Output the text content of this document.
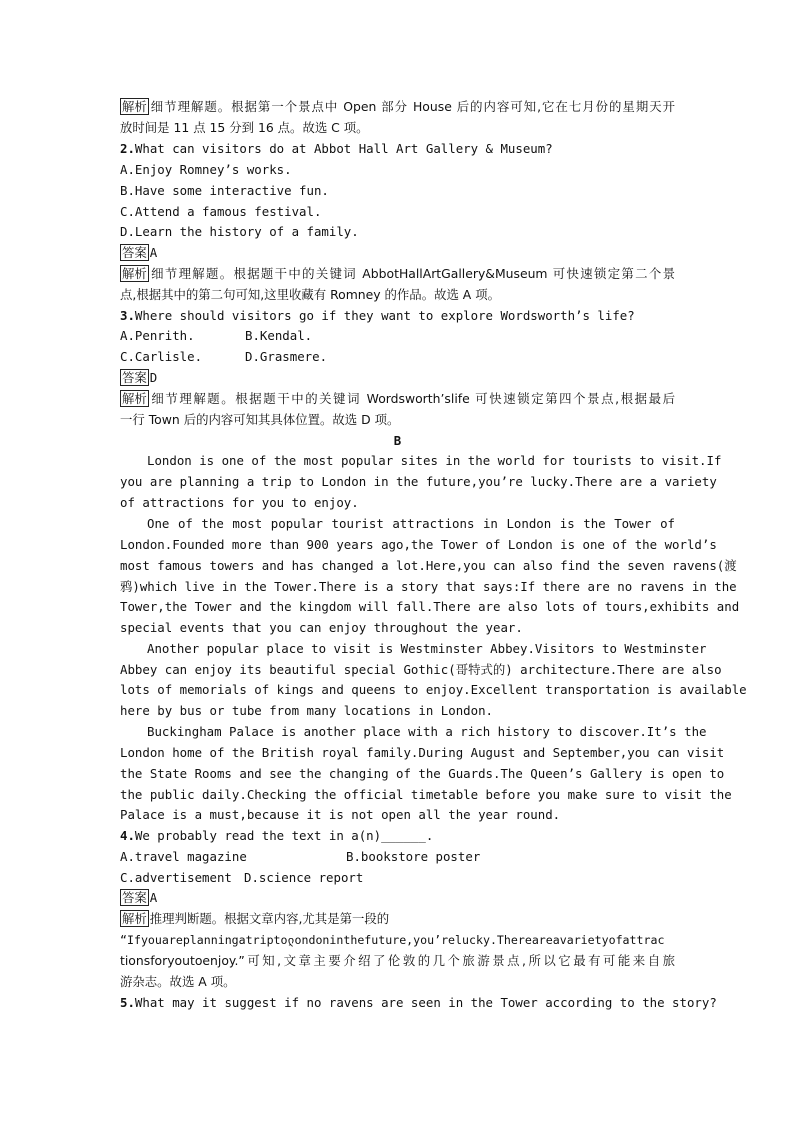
解析 细节理解题。根据第一个景点中 Open 部分 House 后的内容可知,它在七月份的星期天开
放时间是 11 点 15 分到 16 点。故选 C 项。
2.What can visitors do at Abbot Hall Art Gallery & Museum?
A.Enjoy Romney’s works.
B.Have some interactive fun.
C.Attend a famous festival.
D.Learn the history of a family.
答案 A
解析 细节理解题。根据题干中的关键词 AbbotHallArtGallery&Museum 可快速锁定第二个景
点,根据其中的第二句可知,这里收藏有 Romney 的作品。故选 A 项。
3.Where should visitors go if they want to explore Wordsworth’s life?
A.Penrith.	B.Kendal.
C.Carlisle.	D.Grasmere.
答案 D
解析 细节理解题。根据题干中的关键词 Wordsworth’slife 可快速锁定第四个景点,根据最后
一行 Town 后的内容可知其具体位置。故选 D 项。
B
London is one of the most popular sites in the world for tourists to visit.If
you are planning a trip to London in the future,you’re lucky.There are a variety
of attractions for you to enjoy.
One of the most popular tourist attractions in London is the Tower of
London.Founded more than 900 years ago,the Tower of London is one of the world’s
most famous towers and has changed a lot.Here,you can also find the seven ravens(渡
鸦)which live in the Tower.There is a story that says:If there are no ravens in the
Tower,the Tower and the kingdom will fall.There are also lots of tours,exhibits and
special events that you can enjoy throughout the year.
Another popular place to visit is Westminster Abbey.Visitors to Westminster
Abbey can enjoy its beautiful special Gothic(哥特式的) architecture.There are also
lots of memorials of kings and queens to enjoy.Excellent transportation is available
here by bus or tube from many locations in London.
Buckingham Palace is another place with a rich history to discover.It’s the
London home of the British royal family.During August and September,you can visit
the State Rooms and see the changing of the Guards.The Queen’s Gallery is open to
the public daily.Checking the official timetable before you make sure to visit the
Palace is a must,because it is not open all the year round.
4.We probably read the text in a(n)______.
A.travel magazine	B.bookstore poster
C.advertisement D.science report
答案 A
解析 推理判断题。根据文章内容,尤其是第一段的
“Ifyouareplanningatriptoლondoninthefuture,you’relucky.Thereareavarietyofattrac
tionsforyoutoenjoy.”可知,文章主要介绍了伦敦的几个旅游景点,所以它最有可能来自旅
游杂志。故选 A 项。
5.What may it suggest if no ravens are seen in the Tower according to the story?
